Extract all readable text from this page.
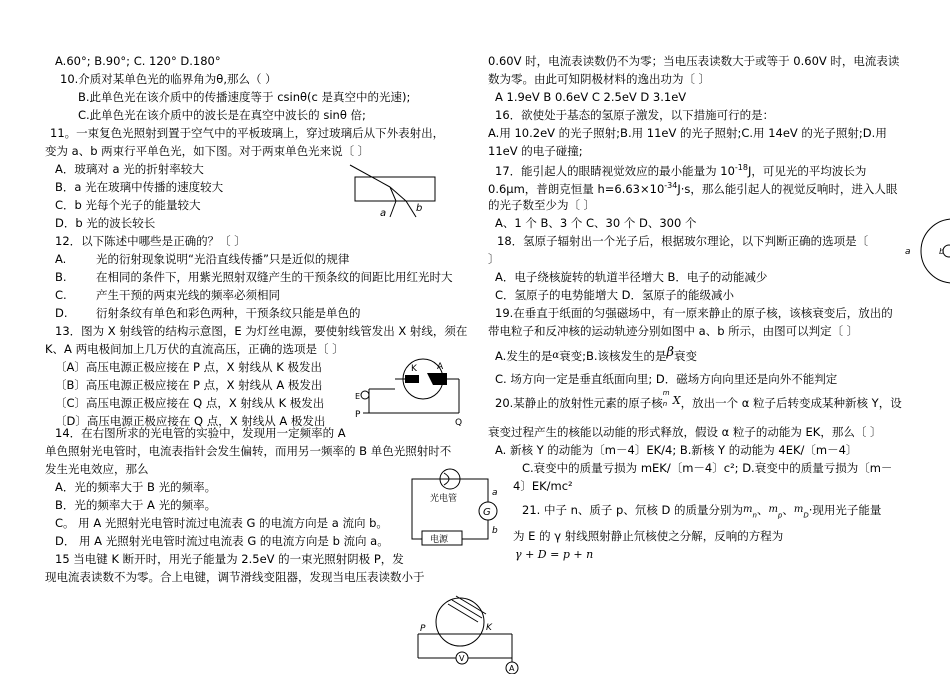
A.60°; B.90°; C. 120° D.180°
10.介质对某单色光的临界角为θ,那么（ ）
B.此单色光在该介质中的传播速度等于 csinθ(c 是真空中的光速);
C.此单色光在该介质中的波长是在真空中波长的 sinθ 倍;
11。一束复色光照射到置于空气中的平板玻璃上，穿过玻璃后从下外表射出，
变为 a、b 两束行平单色光，如下图。对于两束单色光来说〔 〕
A．玻璃对 a 光的折射率较大
B．a 光在玻璃中传播的速度较大
C．b 光每个光子的能量较大
D．b 光的波长较长
a	b
12．以下陈述中哪些是正确的？〔 〕
A.	光的衍射现象说明“光沿直线传播”只是近似的规律
B.	在相同的条件下，用紫光照射双缝产生的干预条纹的间距比用红光时大
C.	产生干预的两束光线的频率必须相同
D. 衍射条纹有单色和彩色两种，干预条纹只能是单色的
13．图为 X 射线管的结构示意图，E 为灯丝电源，要使射线管发出 X 射线，须在
K、A 两电极间加上几万伏的直流高压，正确的选项是〔 〕
〔A〕高压电源正极应接在 P 点，X 射线从 K 极发出
〔B〕高压电源正极应接在 P 点，X 射线从 A 极发出
〔C〕高压电源正极应接在 Q 点，X 射线从 K 极发出
〔D〕高压电源正极应接在 Q 点，X 射线从 A 极发出
K A
E
P
Q
14．在右图所求的光电管的实验中，发现用一定频率的 A
单色照射光电管时，电流表指针会发生偏转，而用另一频率的 B 单色光照射时不
发生光电效应，那么
A．光的频率大于 B 光的频率。
B．光的频率大于 A 光的频率。
C。 用 A 光照射光电管时流过电流表 G 的电流方向是 a 流向 b。
D． 用 A 光照射光电管时流过电流表 G 的电流方向是 b 流向 a。
光电管
电源
G
a
b
15 当电键 K 断开时，用光子能量为 2.5eV 的一束光照射阴极 P，发
现电流表读数不为零。合上电键，调节滑线变阻器，发现当电压表读数小于
V
A
P	K
0.60V 时，电流表读数仍不为零；当电压表读数大于或等于 0.60V 时，电流表读
数为零。由此可知阴极材料的逸出功为〔 〕
A 1.9eV B 0.6eV C 2.5eV D 3.1eV
16．欲使处于基态的氢原子激发，以下措施可行的是：
A.用 10.2eV 的光子照射;B.用 11eV 的光子照射;C.用 14eV 的光子照射;D.用
11eV 的电子碰撞;
17．能引起人的眼睛视觉效应的最小能量为 $10^{-18}J$，可见光的平均波长为
0.6μm，普朗克恒量 $h=6.63\times 10^{-34}J\cdot s$，那么能引起人的视觉反响时，进入人眼
的光子数至少为〔 〕
A、1 个 B、3 个 C、30 个 D、300 个
18．氢原子辐射出一个光子后，根据玻尔理论，以下判断正确的选项是〔
〕
A．电子绕核旋转的轨道半径增大 B．电子的动能减少
C．氢原子的电势能增大 D．氢原子的能级减小
19.在垂直于纸面的匀强磁场中，有一原来静止的原子核，该核衰变后，放出的
带电粒子和反冲核的运动轨迹分别如图中 a、b 所示，由图可以判定〔 〕
A.发生的是α衰变;B.该核发生的是β衰变
C. 场方向一定是垂直纸面向里; D．磁场方向向里还是向外不能判定
a	b
20.某静止的放射性元素的原子核
m
n X，放出一个 α 粒子后转变成某种新核 Y，设
衰变过程产生的核能以动能的形式释放，假设 α 粒子的动能为 EK，那么〔 〕
A. 新核 Y 的动能为〔m－4〕EK/4; B.新核 Y 的动能为 4EK/〔m－4〕
C.衰变中的质量亏损为 mEK/〔m－4〕c²; D.衰变中的质量亏损为〔m－
4〕EK/mc²
21. 中子 n、质子 p、氘核 D 的质量分别为$m_n$、$m_p$、$m_D\cdot$现用光子能量
为 E 的 γ 射线照射静止氘核使之分解，反响的方程为
γ + D = p + n
